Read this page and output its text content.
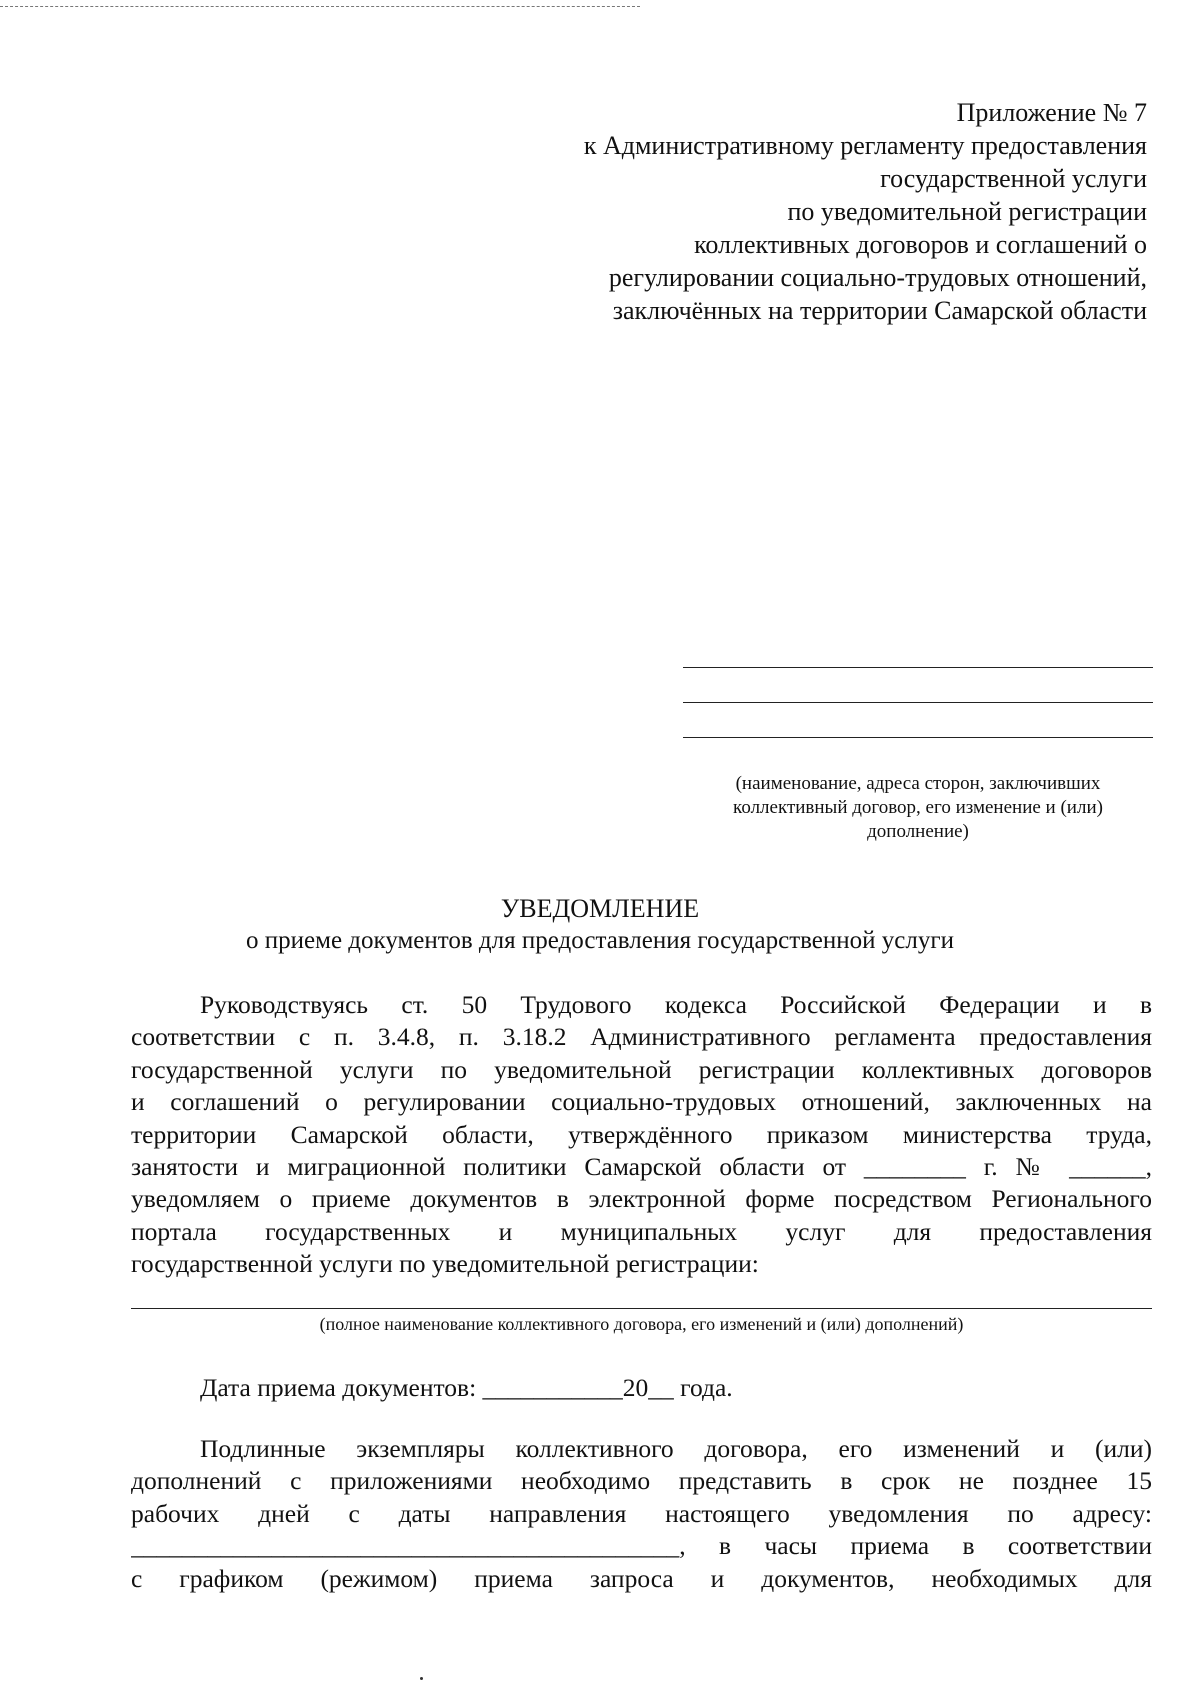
Приложение № 7
к Административному регламенту предоставления
государственной услуги
по уведомительной регистрации
коллективных договоров и соглашений о
регулировании социально-трудовых отношений,
заключённых на территории Самарской области
(наименование, адреса сторон, заключивших
коллективный договор, его изменение и (или)
дополнение)
УВЕДОМЛЕНИЕ
о приеме документов для предоставления государственной услуги
Руководствуясь ст. 50 Трудового кодекса Российской Федерации и в
соответствии с п. 3.4.8, п. 3.18.2 Административного регламента предоставления
государственной услуги по уведомительной регистрации коллективных договоров
и соглашений о регулировании социально-трудовых отношений, заключенных на
территории Самарской области, утверждённого приказом министерства труда,
занятости и миграционной политики Самарской области от ________ г. № ______,
уведомляем о приеме документов в электронной форме посредством Регионального
портала государственных и муниципальных услуг для предоставления
государственной услуги по уведомительной регистрации:
(полное наименование коллективного договора, его изменений и (или) дополнений)
Дата приема документов: ___________20__ года.
Подлинные экземпляры коллективного договора, его изменений и (или)
дополнений с приложениями необходимо представить в срок не позднее 15
рабочих дней с даты направления настоящего уведомления по адресу:
___________________________________________, в часы приема в соответствии
с графиком (режимом) приема запроса и документов, необходимых для
